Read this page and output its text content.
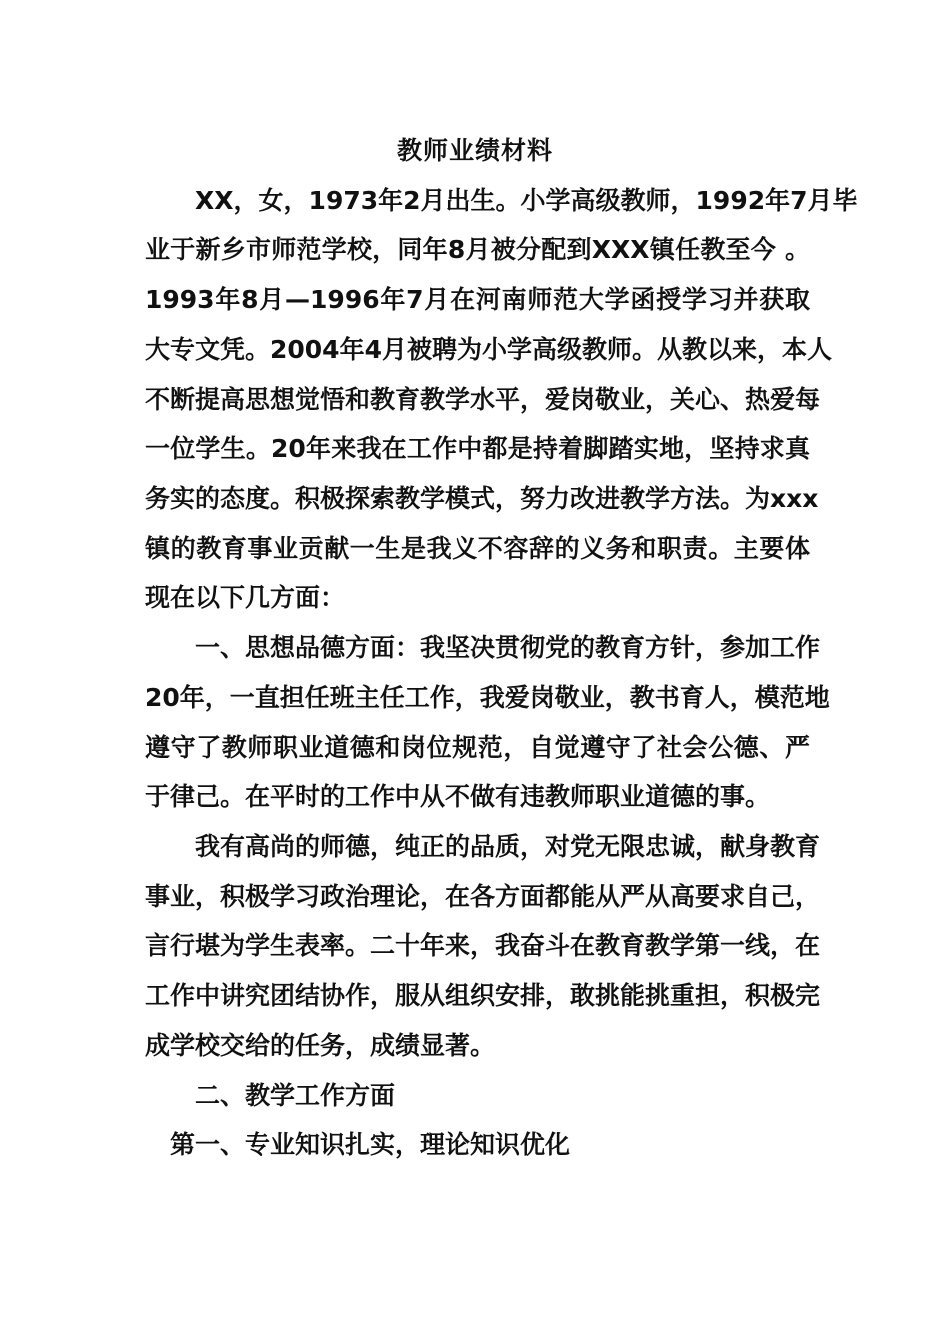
教师业绩材料
XX，女，1973年2月出生。小学高级教师，1992年7月毕
业于新乡市师范学校，同年8月被分配到XXX镇任教至今 。
1993年8月—1996年7月在河南师范大学函授学习并获取
大专文凭。2004年4月被聘为小学高级教师。从教以来，本人
不断提高思想觉悟和教育教学水平，爱岗敬业，关心、热爱每
一位学生。20年来我在工作中都是持着脚踏实地，坚持求真
务实的态度。积极探索教学模式，努力改进教学方法。为xxx
镇的教育事业贡献一生是我义不容辞的义务和职责。主要体
现在以下几方面：
一、思想品德方面：我坚决贯彻党的教育方针，参加工作
20年，一直担任班主任工作，我爱岗敬业，教书育人，模范地
遵守了教师职业道德和岗位规范，自觉遵守了社会公德、严
于律己。在平时的工作中从不做有违教师职业道德的事。
我有高尚的师德，纯正的品质，对党无限忠诚，献身教育
事业，积极学习政治理论，在各方面都能从严从高要求自己，
言行堪为学生表率。二十年来，我奋斗在教育教学第一线，在
工作中讲究团结协作，服从组织安排，敢挑能挑重担，积极完
成学校交给的任务，成绩显著。
二、教学工作方面
第一、专业知识扎实，理论知识优化
